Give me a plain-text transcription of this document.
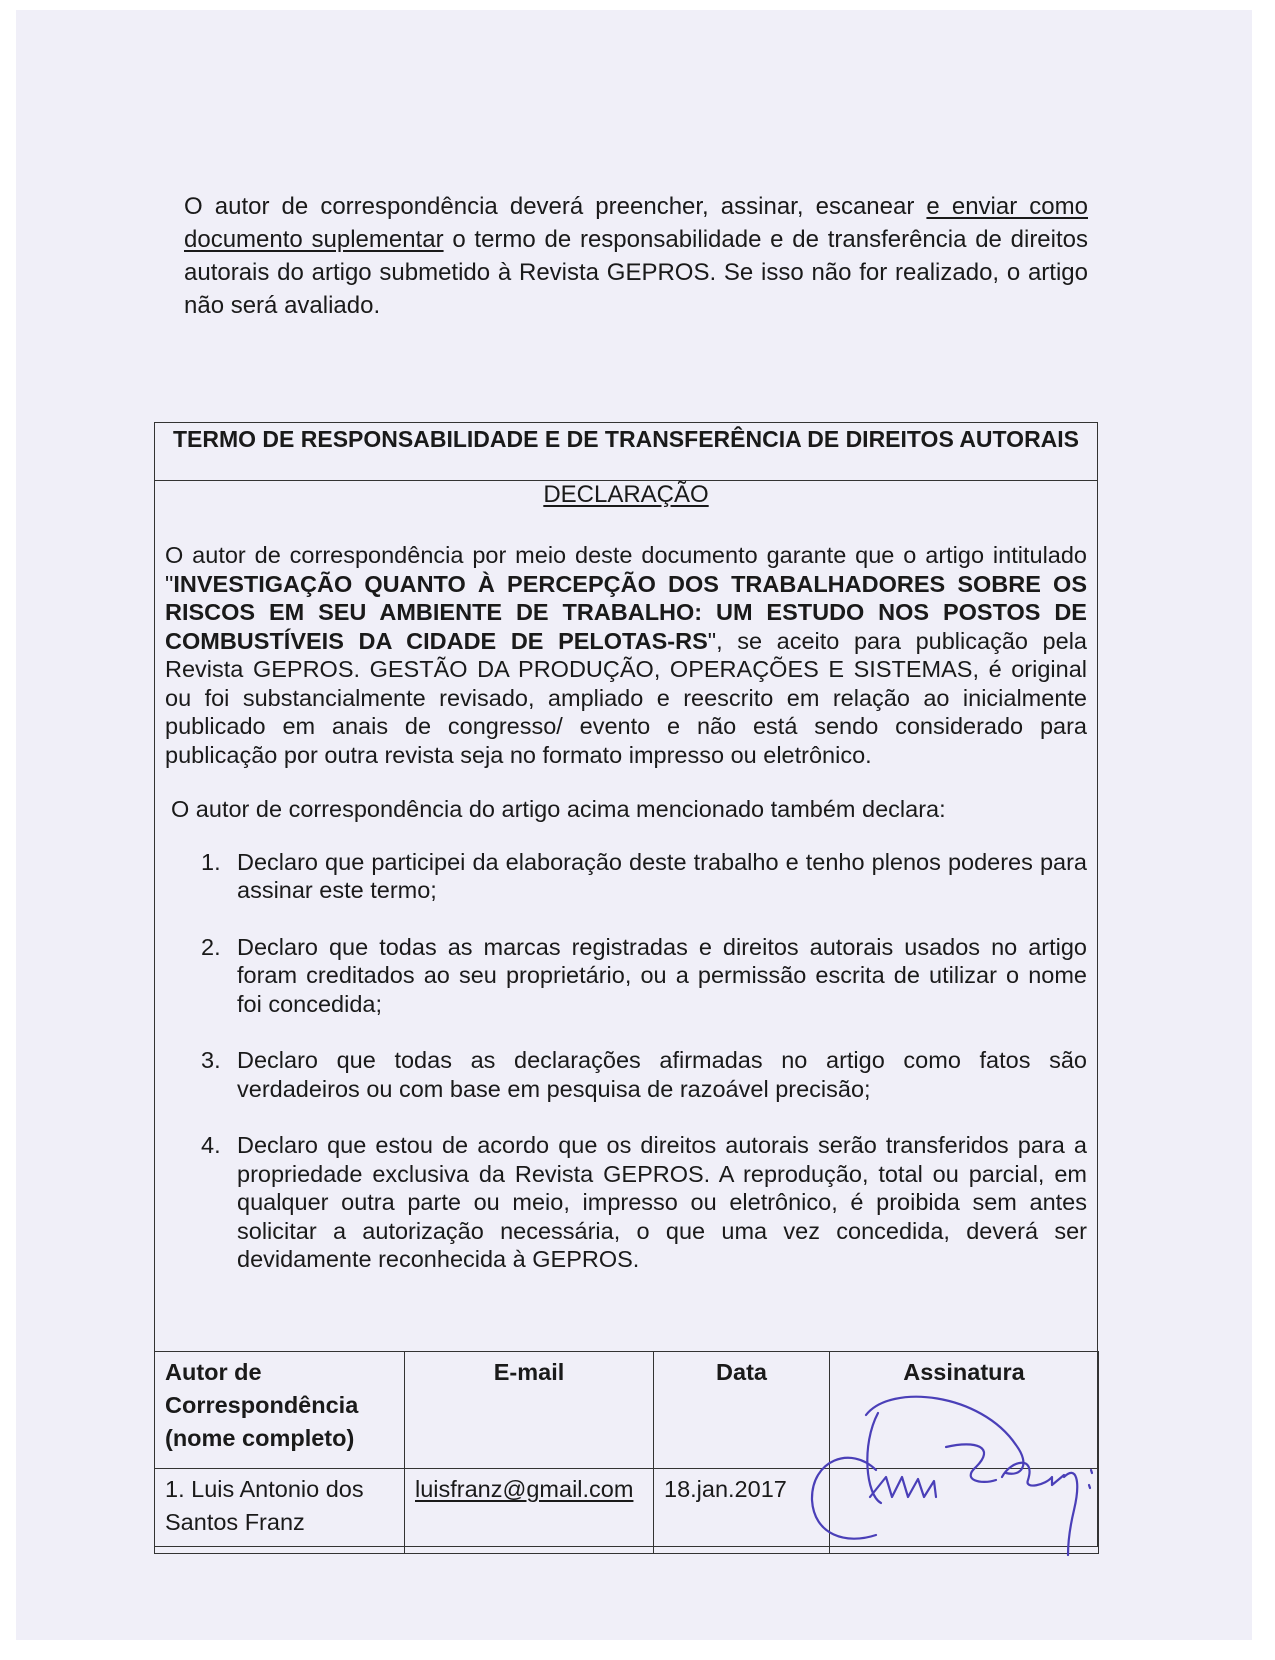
O autor de correspondência deverá preencher, assinar, escanear e enviar como documento suplementar o termo de responsabilidade e de transferência de direitos autorais do artigo submetido à Revista GEPROS. Se isso não for realizado, o artigo não será avaliado.
TERMO DE RESPONSABILIDADE E DE TRANSFERÊNCIA DE DIREITOS AUTORAIS
DECLARAÇÃO
O autor de correspondência por meio deste documento garante que o artigo intitulado "INVESTIGAÇÃO QUANTO À PERCEPÇÃO DOS TRABALHADORES SOBRE OS RISCOS EM SEU AMBIENTE DE TRABALHO: UM ESTUDO NOS POSTOS DE COMBUSTÍVEIS DA CIDADE DE PELOTAS-RS", se aceito para publicação pela Revista GEPROS. GESTÃO DA PRODUÇÃO, OPERAÇÕES E SISTEMAS, é original ou foi substancialmente revisado, ampliado e reescrito em relação ao inicialmente publicado em anais de congresso/ evento e não está sendo considerado para publicação por outra revista seja no formato impresso ou eletrônico.
O autor de correspondência do artigo acima mencionado também declara:
1. Declaro que participei da elaboração deste trabalho e tenho plenos poderes para assinar este termo;
2. Declaro que todas as marcas registradas e direitos autorais usados no artigo foram creditados ao seu proprietário, ou a permissão escrita de utilizar o nome foi concedida;
3. Declaro que todas as declarações afirmadas no artigo como fatos são verdadeiros ou com base em pesquisa de razoável precisão;
4. Declaro que estou de acordo que os direitos autorais serão transferidos para a propriedade exclusiva da Revista GEPROS. A reprodução, total ou parcial, em qualquer outra parte ou meio, impresso ou eletrônico, é proibida sem antes solicitar a autorização necessária, o que uma vez concedida, deverá ser devidamente reconhecida à GEPROS.
Autor de Correspondência (nome completo)	E-mail	Data	Assinatura
1. Luis Antonio dos Santos Franz	luisfranz@gmail.com	18.jan.2017	
